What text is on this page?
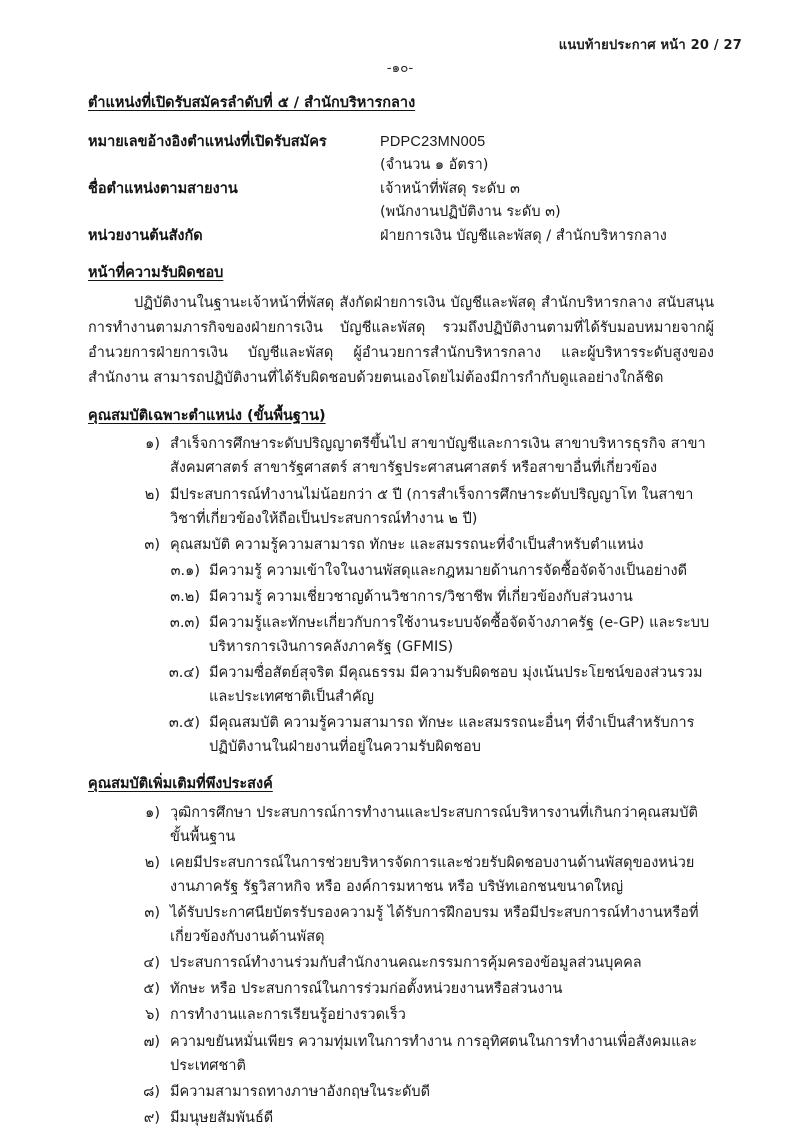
แนบท้ายประกาศ หน้า 20 / 27
-๑๐-
ตำแหน่งที่เปิดรับสมัครลำดับที่ ๕ / สำนักบริหารกลาง
หมายเลขอ้างอิงตำแหน่งที่เปิดรับสมัคร	PDPC23MN005
(จำนวน ๑ อัตรา)
ชื่อตำแหน่งตามสายงาน	เจ้าหน้าที่พัสดุ ระดับ ๓
(พนักงานปฏิบัติงาน ระดับ ๓)
หน่วยงานต้นสังกัด	ฝ่ายการเงิน บัญชีและพัสดุ / สำนักบริหารกลาง
หน้าที่ความรับผิดชอบ

ปฏิบัติงานในฐานะเจ้าหน้าที่พัสดุ สังกัดฝ่ายการเงิน บัญชีและพัสดุ สำนักบริหารกลาง สนับสนุนการทำงานตามภารกิจของฝ่ายการเงิน บัญชีและพัสดุ รวมถึงปฏิบัติงานตามที่ได้รับมอบหมายจากผู้อำนวยการฝ่ายการเงิน บัญชีและพัสดุ ผู้อำนวยการสำนักบริหารกลาง และผู้บริหารระดับสูงของสำนักงาน สามารถปฏิบัติงานที่ได้รับผิดชอบด้วยตนเองโดยไม่ต้องมีการกำกับดูแลอย่างใกล้ชิด

คุณสมบัติเฉพาะตำแหน่ง (ขั้นพื้นฐาน)
๑) สำเร็จการศึกษาระดับปริญญาตรีขึ้นไป สาขาบัญชีและการเงิน สาขาบริหารธุรกิจ สาขาสังคมศาสตร์ สาขารัฐศาสตร์ สาขารัฐประศาสนศาสตร์ หรือสาขาอื่นที่เกี่ยวข้อง
๒) มีประสบการณ์ทำงานไม่น้อยกว่า ๕ ปี (การสำเร็จการศึกษาระดับปริญญาโท ในสาขาวิชาที่เกี่ยวข้องให้ถือเป็นประสบการณ์ทำงาน ๒ ปี)
๓) คุณสมบัติ ความรู้ความสามารถ ทักษะ และสมรรถนะที่จำเป็นสำหรับตำแหน่ง
๓.๑) มีความรู้ ความเข้าใจในงานพัสดุและกฎหมายด้านการจัดซื้อจัดจ้างเป็นอย่างดี
๓.๒) มีความรู้ ความเชี่ยวชาญด้านวิชาการ/วิชาชีพ ที่เกี่ยวข้องกับส่วนงาน
๓.๓) มีความรู้และทักษะเกี่ยวกับการใช้งานระบบจัดซื้อจัดจ้างภาครัฐ (e-GP) และระบบบริหารการเงินการคลังภาครัฐ (GFMIS)
๓.๔) มีความซื่อสัตย์สุจริต มีคุณธรรม มีความรับผิดชอบ มุ่งเน้นประโยชน์ของส่วนรวมและประเทศชาติเป็นสำคัญ
๓.๕) มีคุณสมบัติ ความรู้ความสามารถ ทักษะ และสมรรถนะอื่นๆ ที่จำเป็นสำหรับการปฏิบัติงานในฝ่ายงานที่อยู่ในความรับผิดชอบ
คุณสมบัติเพิ่มเติมที่พึงประสงค์
๑) วุฒิการศึกษา ประสบการณ์การทำงานและประสบการณ์บริหารงานที่เกินกว่าคุณสมบัติขั้นพื้นฐาน
๒) เคยมีประสบการณ์ในการช่วยบริหารจัดการและช่วยรับผิดชอบงานด้านพัสดุของหน่วยงานภาครัฐ รัฐวิสาหกิจ หรือ องค์การมหาชน หรือ บริษัทเอกชนขนาดใหญ่
๓) ได้รับประกาศนียบัตรรับรองความรู้ ได้รับการฝึกอบรม หรือมีประสบการณ์ทำงานหรือที่เกี่ยวข้องกับงานด้านพัสดุ
๔) ประสบการณ์ทำงานร่วมกับสำนักงานคณะกรรมการคุ้มครองข้อมูลส่วนบุคคล
๕) ทักษะ หรือ ประสบการณ์ในการร่วมก่อตั้งหน่วยงานหรือส่วนงาน
๖) การทำงานและการเรียนรู้อย่างรวดเร็ว
๗) ความขยันหมั่นเพียร ความทุ่มเทในการทำงาน การอุทิศตนในการทำงานเพื่อสังคมและประเทศชาติ
๘) มีความสามารถทางภาษาอังกฤษในระดับดี
๙) มีมนุษยสัมพันธ์ดี
